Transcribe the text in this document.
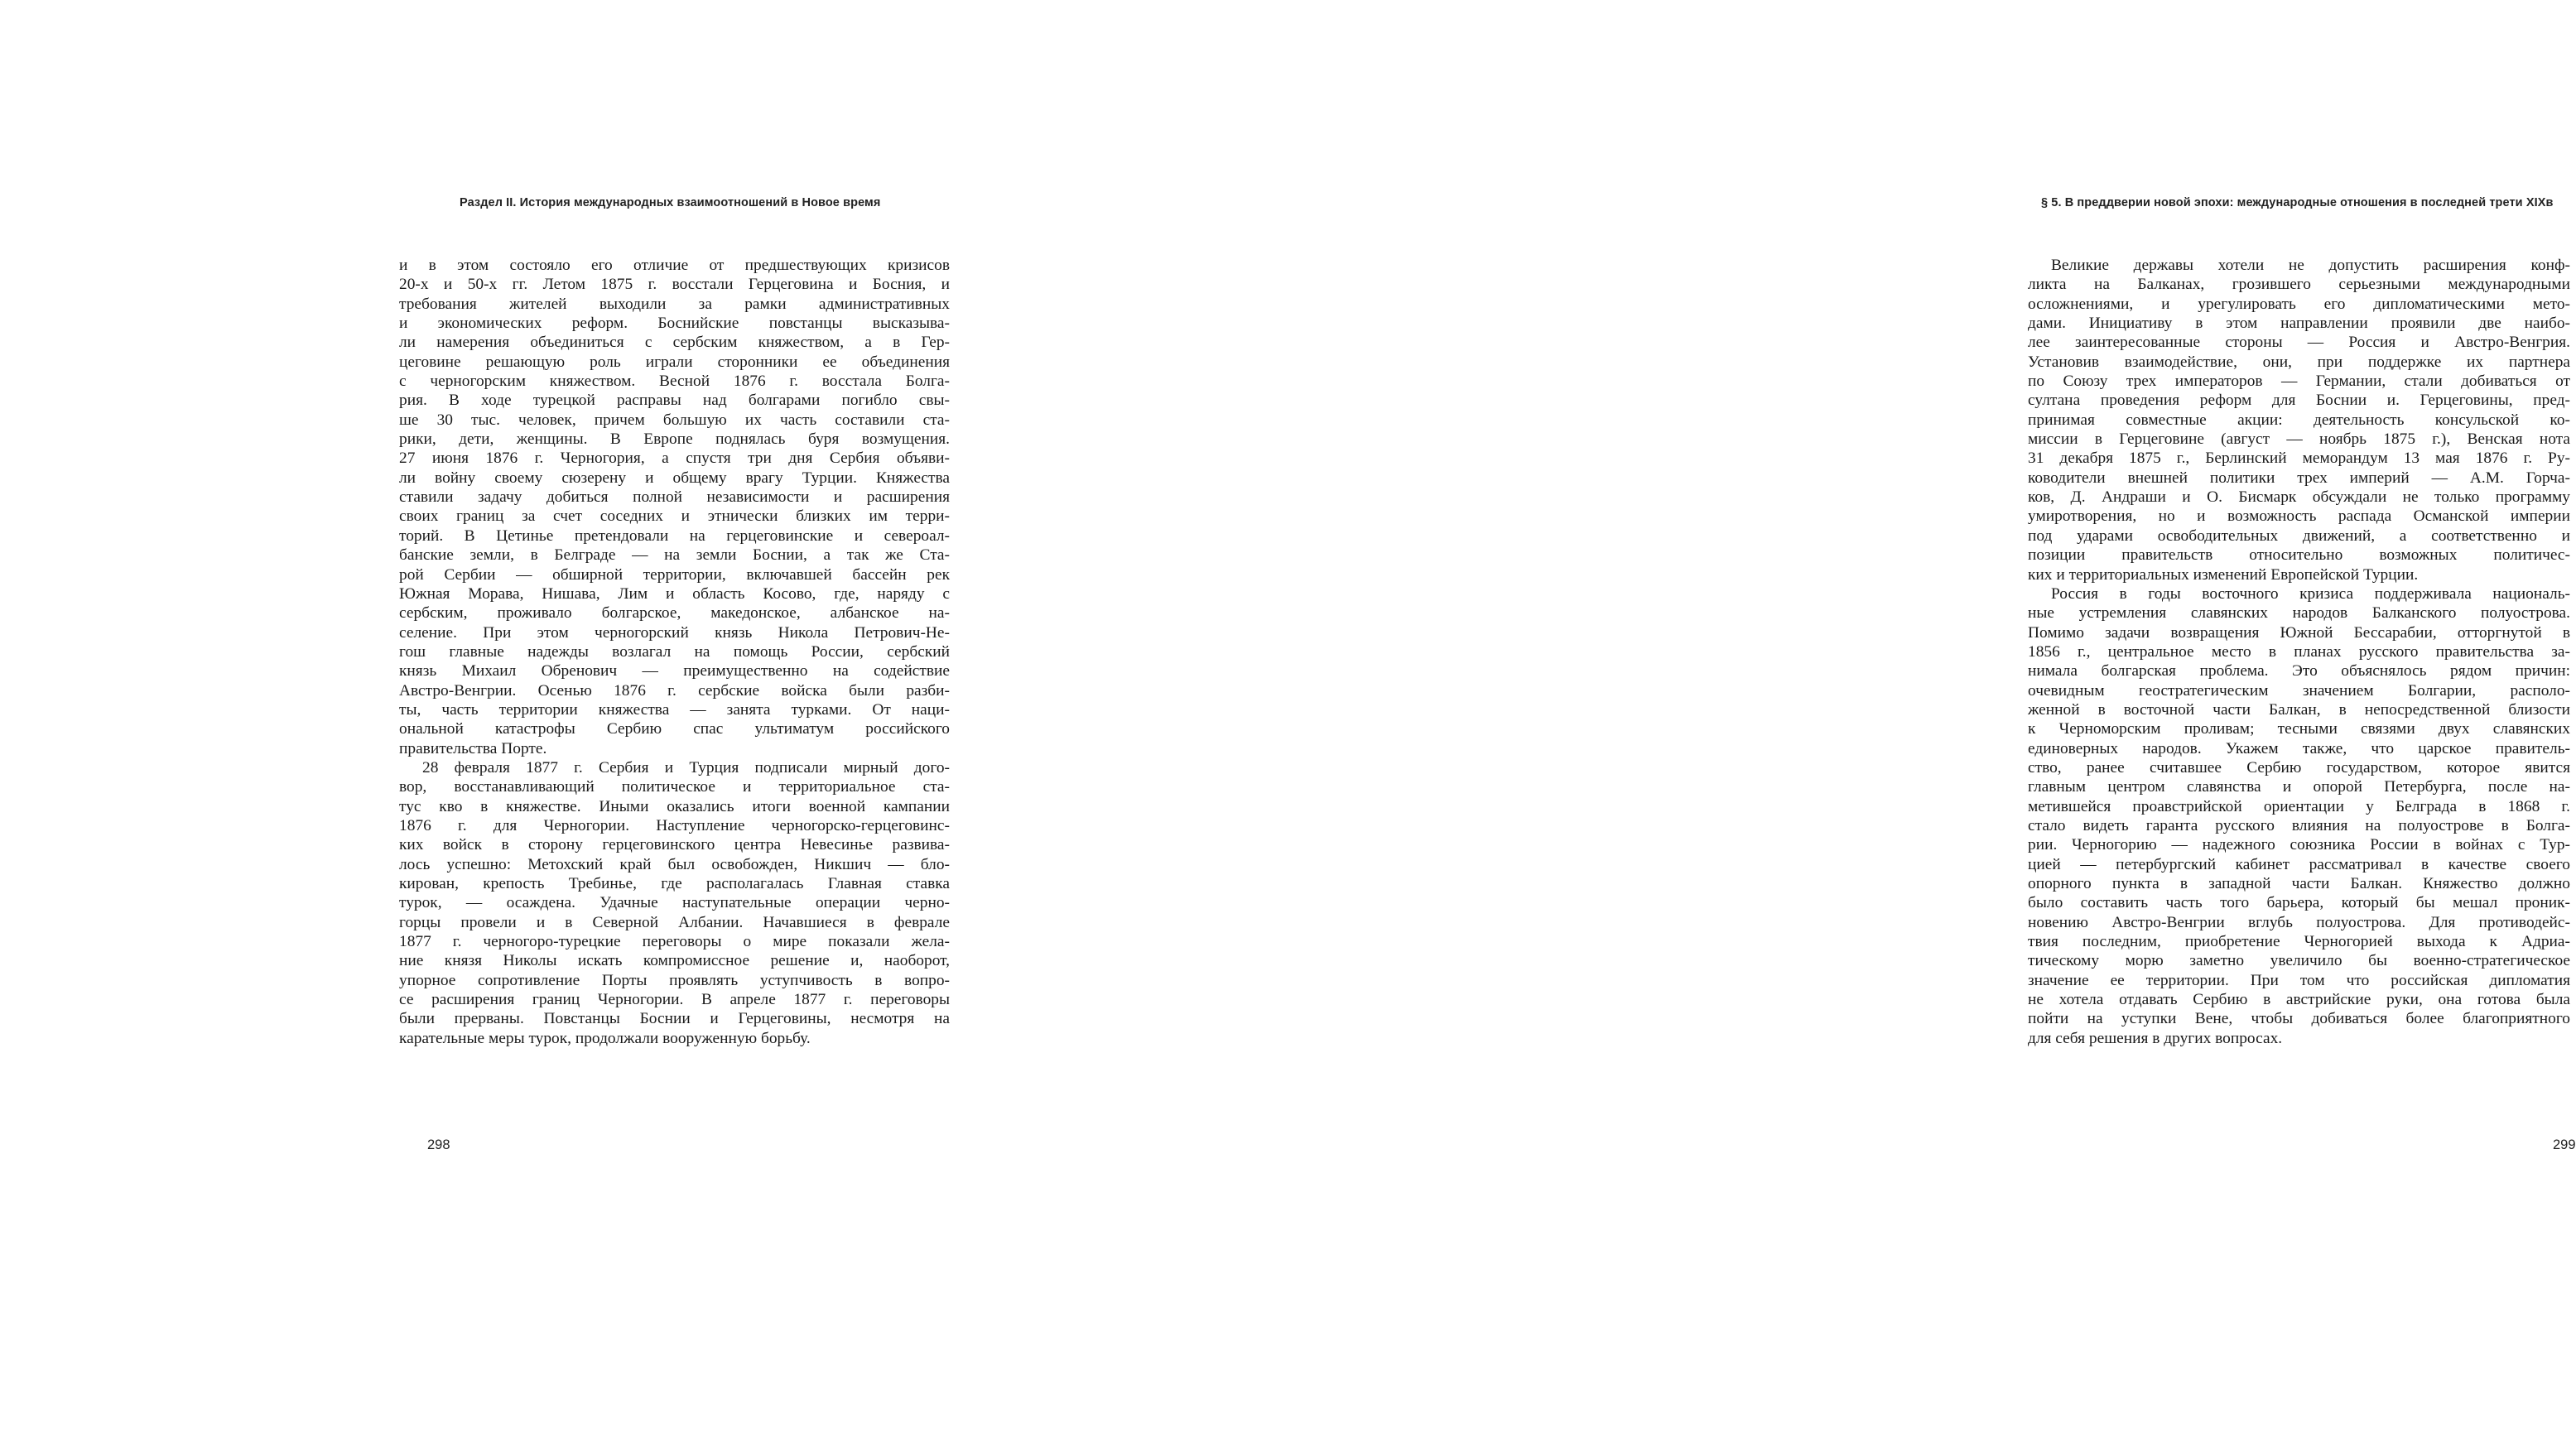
Раздел II. История международных взаимоотношений в Новое время
и в этом состояло его отличие от предшествующих кризисов
20-х и 50-х гг. Летом 1875 г. восстали Герцеговина и Босния, и
требования жителей выходили за рамки административных
и экономических реформ. Боснийские повстанцы высказыва-
ли намерения объединиться с сербским княжеством, а в Гер-
цеговине решающую роль играли сторонники ее объединения
с черногорским княжеством. Весной 1876 г. восстала Болга-
рия. В ходе турецкой расправы над болгарами погибло свы-
ше 30 тыс. человек, причем большую их часть составили ста-
рики, дети, женщины. В Европе поднялась буря возмущения.
27 июня 1876 г. Черногория, а спустя три дня Сербия объяви-
ли войну своему сюзерену и общему врагу Турции. Княжества
ставили задачу добиться полной независимости и расширения
своих границ за счет соседних и этнически близких им терри-
торий. В Цетинье претендовали на герцеговинские и североал-
банские земли, в Белграде — на земли Боснии, а так же Ста-
рой Сербии — обширной территории, включавшей бассейн рек
Южная Морава, Нишава, Лим и область Косово, где, наряду с
сербским, проживало болгарское, македонское, албанское на-
селение. При этом черногорский князь Никола Петрович-Не-
гош главные надежды возлагал на помощь России, сербский
князь Михаил Обренович — преимущественно на содействие
Австро-Венгрии. Осенью 1876 г. сербские войска были разби-
ты, часть территории княжества — занята турками. От наци-
ональной катастрофы Сербию спас ультиматум российского
правительства Порте.
28 февраля 1877 г. Сербия и Турция подписали мирный дого-
вор, восстанавливающий политическое и территориальное ста-
тус кво в княжестве. Иными оказались итоги военной кампании
1876 г. для Черногории. Наступление черногорско-герцеговинс-
ких войск в сторону герцеговинского центра Невесинье развива-
лось успешно: Метохский край был освобожден, Никшич — бло-
кирован, крепость Требинье, где располагалась Главная ставка
турок, — осаждена. Удачные наступательные операции черно-
горцы провели и в Северной Албании. Начавшиеся в феврале
1877 г. черногоро-турецкие переговоры о мире показали жела-
ние князя Николы искать компромиссное решение и, наоборот,
упорное сопротивление Порты проявлять уступчивость в вопро-
се расширения границ Черногории. В апреле 1877 г. переговоры
были прерваны. Повстанцы Боснии и Герцеговины, несмотря на
карательные меры турок, продолжали вооруженную борьбу.
298
§ 5. В преддверии новой эпохи: международные отношения в последней трети XIXв
Великие державы хотели не допустить расширения конф-
ликта на Балканах, грозившего серьезными международными
осложнениями, и урегулировать его дипломатическими мето-
дами. Инициативу в этом направлении проявили две наибо-
лее заинтересованные стороны — Россия и Австро-Венгрия.
Установив взаимодействие, они, при поддержке их партнера
по Союзу трех императоров — Германии, стали добиваться от
султана проведения реформ для Боснии и. Герцеговины, пред-
принимая совместные акции: деятельность консульской ко-
миссии в Герцеговине (август — ноябрь 1875 г.), Венская нота
31 декабря 1875 г., Берлинский меморандум 13 мая 1876 г. Ру-
ководители внешней политики трех империй — А.М. Горча-
ков, Д. Андраши и О. Бисмарк обсуждали не только программу
умиротворения, но и возможность распада Османской империи
под ударами освободительных движений, а соответственно и
позиции правительств относительно возможных политичес-
ких и территориальных изменений Европейской Турции.
Россия в годы восточного кризиса поддерживала националь-
ные устремления славянских народов Балканского полуострова.
Помимо задачи возвращения Южной Бессарабии, отторгнутой в
1856 г., центральное место в планах русского правительства за-
нимала болгарская проблема. Это объяснялось рядом причин:
очевидным геостратегическим значением Болгарии, располо-
женной в восточной части Балкан, в непосредственной близости
к Черноморским проливам; тесными связями двух славянских
единоверных народов. Укажем также, что царское правитель-
ство, ранее считавшее Сербию государством, которое явится
главным центром славянства и опорой Петербурга, после на-
метившейся проавстрийской ориентации у Белграда в 1868 г.
стало видеть гаранта русского влияния на полуострове в Болга-
рии. Черногорию — надежного союзника России в войнах с Тур-
цией — петербургский кабинет рассматривал в качестве своего
опорного пункта в западной части Балкан. Княжество должно
было составить часть того барьера, который бы мешал проник-
новению Австро-Венгрии вглубь полуострова. Для противодейс-
твия последним, приобретение Черногорией выхода к Адриа-
тическому морю заметно увеличило бы военно-стратегическое
значение ее территории. При том что российская дипломатия
не хотела отдавать Сербию в австрийские руки, она готова была
пойти на уступки Вене, чтобы добиваться более благоприятного
для себя решения в других вопросах.
299
